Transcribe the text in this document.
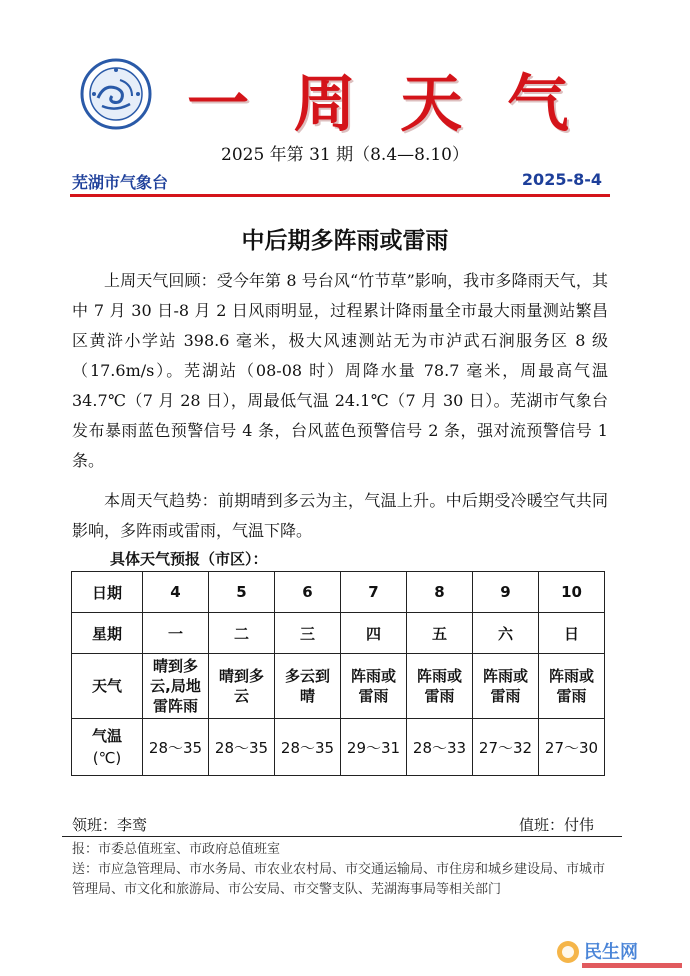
一 周 天 气
2025 年第 31 期（8.4—8.10）
芜湖市气象台	2025-8-4
中后期多阵雨或雷雨
上周天气回顾：受今年第 8 号台风“竹节草”影响，我市多降雨天气，其中 7 月 30 日-8 月 2 日风雨明显，过程累计降雨量全市最大雨量测站繁昌区黄浒小学站 398.6 毫米，极大风速测站无为市泸武石涧服务区 8 级（17.6m/s）。芜湖站（08-08 时）周降水量 78.7 毫米，周最高气温 34.7℃（7 月 28 日），周最低气温 24.1℃（7 月 30 日）。芜湖市气象台发布暴雨蓝色预警信号 4 条，台风蓝色预警信号 2 条，强对流预警信号 1 条。
本周天气趋势：前期晴到多云为主，气温上升。中后期受冷暖空气共同影响，多阵雨或雷雨，气温下降。
具体天气预报（市区）：
日期	4	5	6	7	8	9	10
星期	一	二	三	四	五	六	日
天气	晴到多云,局地雷阵雨	晴到多云	多云到晴	阵雨或雷雨	阵雨或雷雨	阵雨或雷雨	阵雨或雷雨

气温
(℃)	28～35	28～35	28～35	29～31	28～33	27～32	27～30
领班：李鸾	值班：付伟
报：市委总值班室、市政府总值班室
送：市应急管理局、市水务局、市农业农村局、市交通运输局、市住房和城乡建设局、市城市管理局、市文化和旅游局、市公安局、市交警支队、芜湖海事局等相关部门
民生网
